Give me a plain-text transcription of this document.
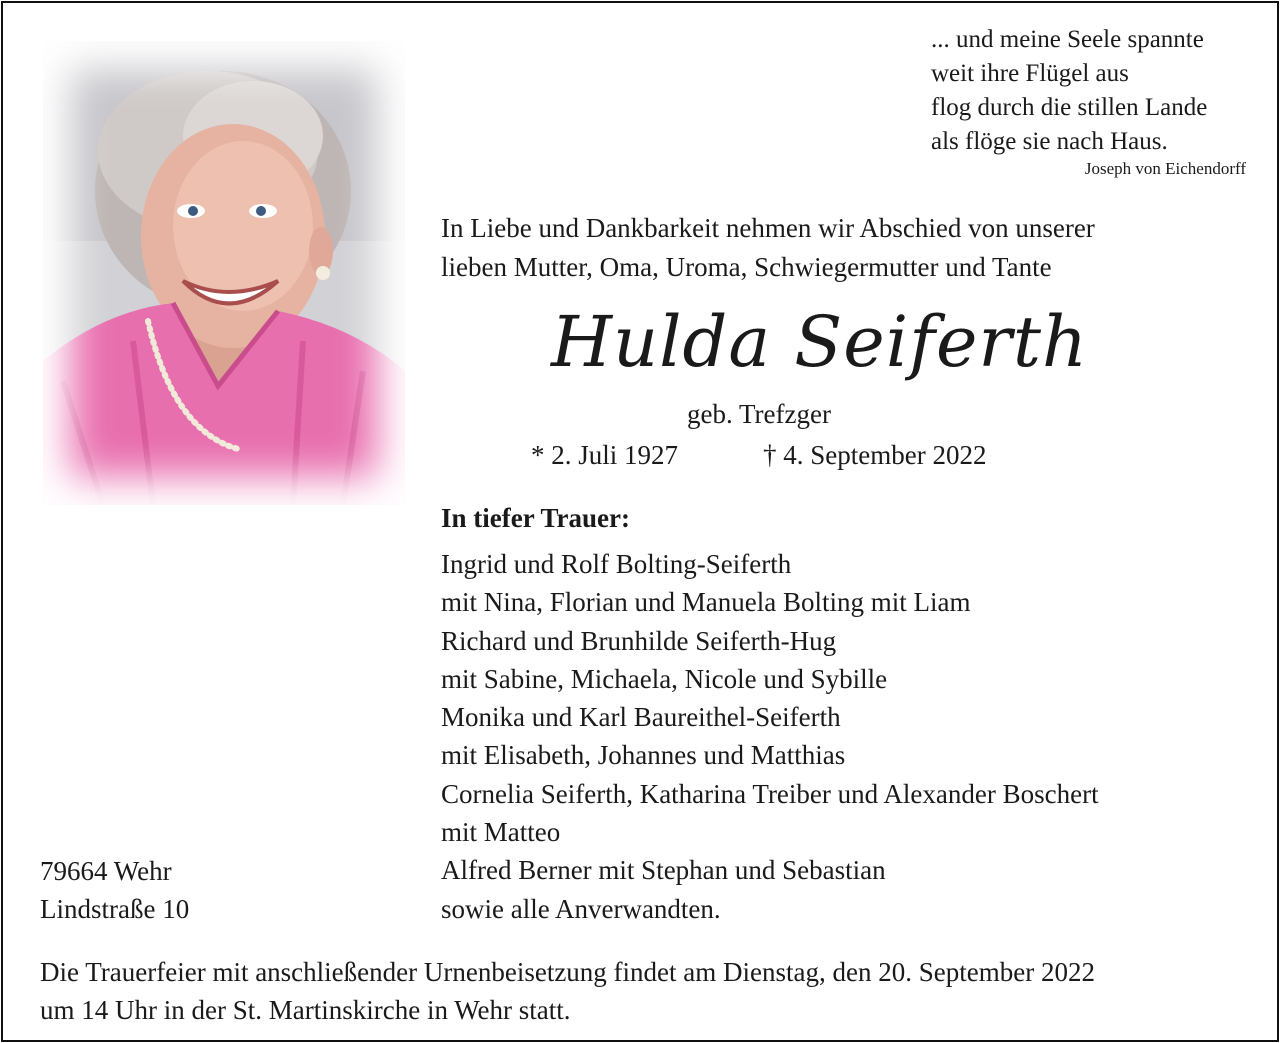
... und meine Seele spannte
weit ihre Flügel aus
flog durch die stillen Lande
als flöge sie nach Haus.
Joseph von Eichendorff
In Liebe und Dankbarkeit nehmen wir Abschied von unserer
lieben Mutter, Oma, Uroma, Schwiegermutter und Tante
Hulda Seiferth
geb. Trefzger
* 2. Juli 1927	† 4. September 2022
In tiefer Trauer:
Ingrid und Rolf Bolting-Seiferth
mit Nina, Florian und Manuela Bolting mit Liam
Richard und Brunhilde Seiferth-Hug
mit Sabine, Michaela, Nicole und Sybille
Monika und Karl Baureithel-Seiferth
mit Elisabeth, Johannes und Matthias
Cornelia Seiferth, Katharina Treiber und Alexander Boschert
mit Matteo
Alfred Berner mit Stephan und Sebastian
sowie alle Anverwandten.
79664 Wehr
Lindstraße 10
Die Trauerfeier mit anschließender Urnenbeisetzung findet am Dienstag, den 20. September 2022
um 14 Uhr in der St. Martinskirche in Wehr statt.
